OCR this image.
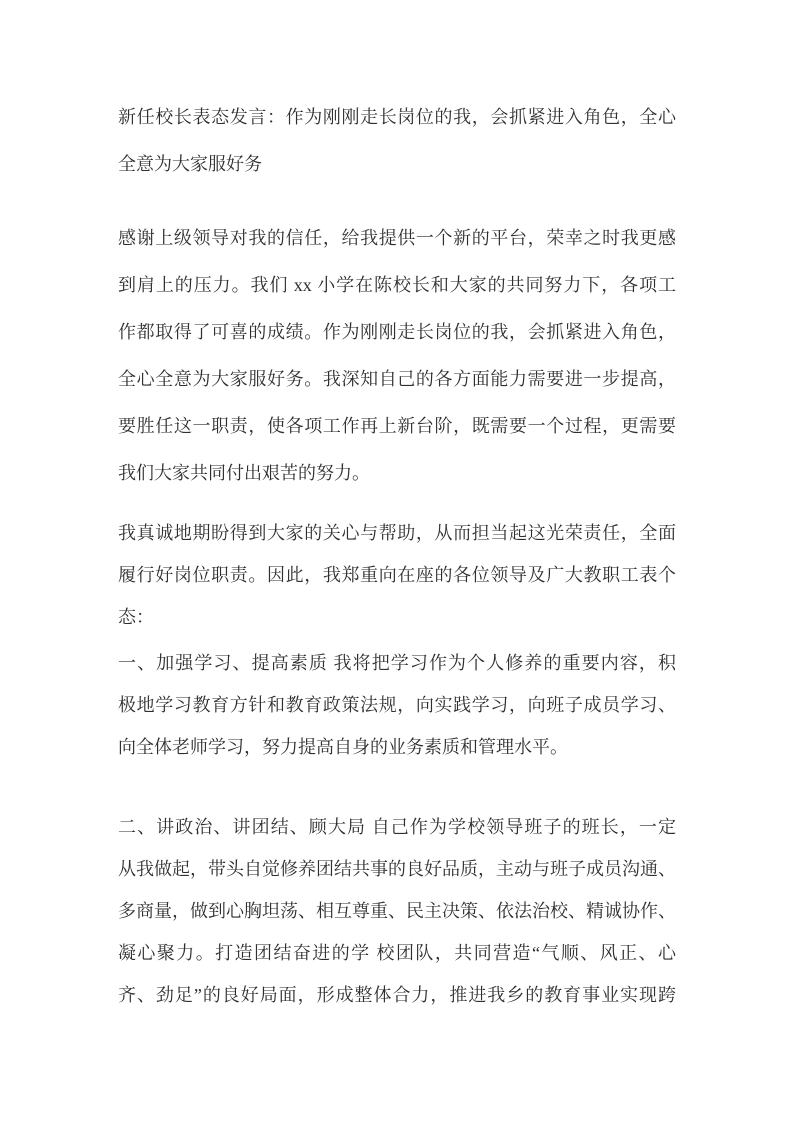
新任校长表态发言：作为刚刚走长岗位的我，会抓紧进入角色，全心
全意为大家服好务
感谢上级领导对我的信任，给我提供一个新的平台，荣幸之时我更感
到肩上的压力。我们 xx 小学在陈校长和大家的共同努力下，各项工
作都取得了可喜的成绩。作为刚刚走长岗位的我，会抓紧进入角色，
全心全意为大家服好务。我深知自己的各方面能力需要进一步提高，
要胜任这一职责，使各项工作再上新台阶，既需要一个过程，更需要
我们大家共同付出艰苦的努力。
我真诚地期盼得到大家的关心与帮助，从而担当起这光荣责任，全面
履行好岗位职责。因此，我郑重向在座的各位领导及广大教职工表个
态：
一、加强学习、提高素质 我将把学习作为个人修养的重要内容，积
极地学习教育方针和教育政策法规，向实践学习，向班子成员学习、
向全体老师学习，努力提高自身的业务素质和管理水平。
二、讲政治、讲团结、顾大局 自己作为学校领导班子的班长，一定
从我做起，带头自觉修养团结共事的良好品质，主动与班子成员沟通、
多商量，做到心胸坦荡、相互尊重、民主决策、依法治校、精诚协作、
凝心聚力。打造团结奋进的学 校团队，共同营造“气顺、风正、心
齐、劲足”的良好局面，形成整体合力，推进我乡的教育事业实现跨
